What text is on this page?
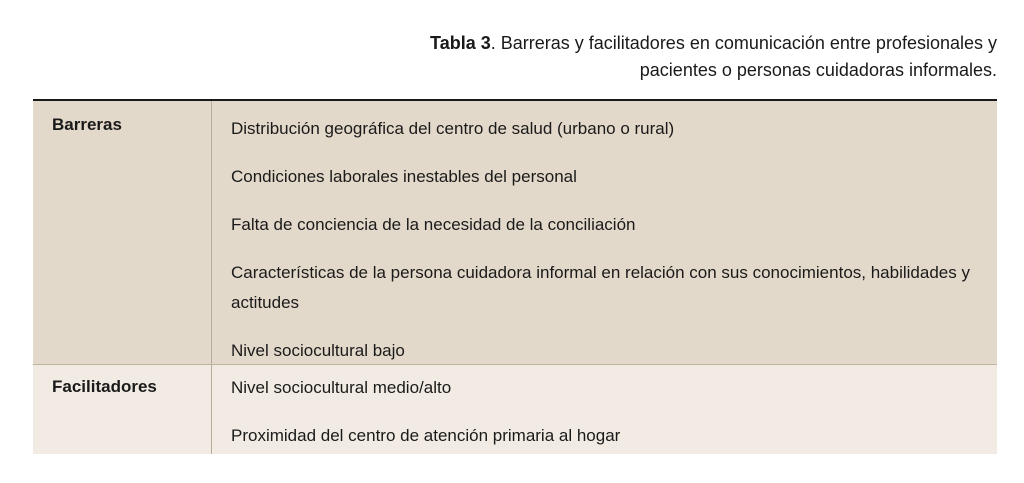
Tabla 3. Barreras y facilitadores en comunicación entre profesionales y pacientes o personas cuidadoras informales.
Barreras	Distribución geográfica del centro de salud (urbano o rural)
Condiciones laborales inestables del personal
Falta de conciencia de la necesidad de la conciliación
Características de la persona cuidadora informal en relación con sus conocimientos, habilidades y actitudes
Nivel sociocultural bajo
Facilitadores	Nivel sociocultural medio/alto
Proximidad del centro de atención primaria al hogar
